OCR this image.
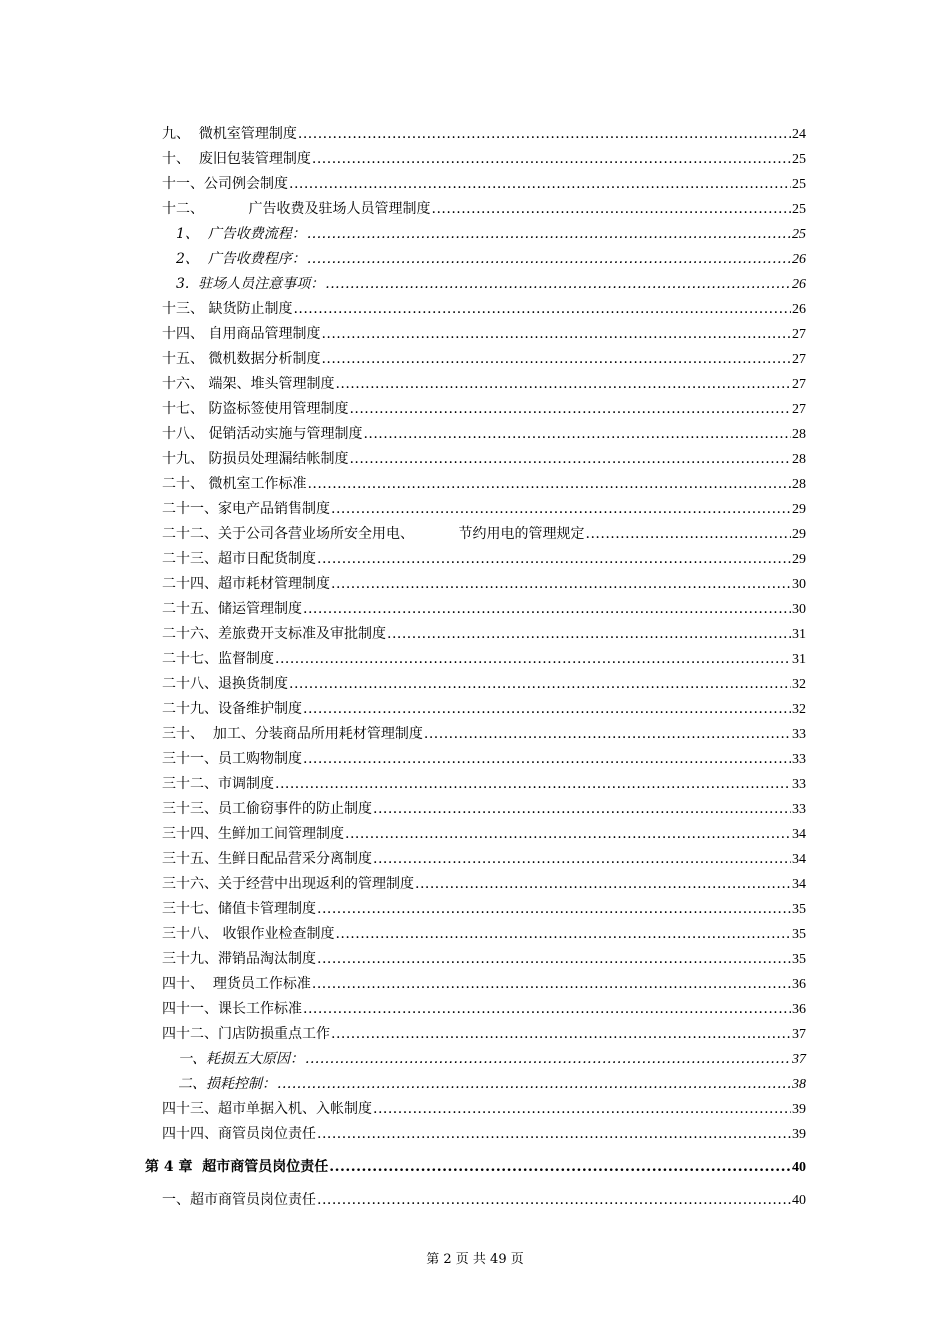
九、  微机室管理制度 .....	24
十、  废旧包装管理制度 .....	25
十一、公司例会制度 .....	25
十二、          广告收费及驻场人员管理制度 .....	25
1、  广告收费流程： .....	25
2、  广告收费程序： .....	26
3.  驻场人员注意事项： .....	26
十三、 缺货防止制度 .....	26
十四、 自用商品管理制度 .....	27
十五、 微机数据分析制度 .....	27
十六、 端架、堆头管理制度 .....	27
十七、 防盗标签使用管理制度 .....	27
十八、 促销活动实施与管理制度 .....	28
十九、 防损员处理漏结帐制度 .....	28
二十、 微机室工作标准 .....	28
二十一、家电产品销售制度 .....	29
二十二、关于公司各营业场所安全用电、          节约用电的管理规定 .....	29
二十三、超市日配货制度 .....	29
二十四、超市耗材管理制度 .....	30
二十五、储运管理制度 .....	30
二十六、差旅费开支标准及审批制度 .....	31
二十七、监督制度 .....	31
二十八、退换货制度 .....	32
二十九、设备维护制度 .....	32
三十、  加工、分装商品所用耗材管理制度 .....	33
三十一、员工购物制度 .....	33
三十二、市调制度 .....	33
三十三、员工偷窃事件的防止制度 .....	33
三十四、生鲜加工间管理制度 .....	34
三十五、生鲜日配品营采分离制度 .....	34
三十六、关于经营中出现返利的管理制度 .....	34
三十七、储值卡管理制度 .....	35
三十八、 收银作业检查制度 .....	35
三十九、滞销品淘汰制度 .....	35
四十、  理货员工作标准 .....	36
四十一、课长工作标准 .....	36
四十二、门店防损重点工作 .....	37
一、耗损五大原因： .....	37
二、损耗控制： .....	38
四十三、超市单据入机、入帐制度 .....	39
四十四、商管员岗位责任 .....	39
第 4 章  超市商管员岗位责任 .....	40
一、超市商管员岗位责任 .....	40
第 2 页 共 49 页
